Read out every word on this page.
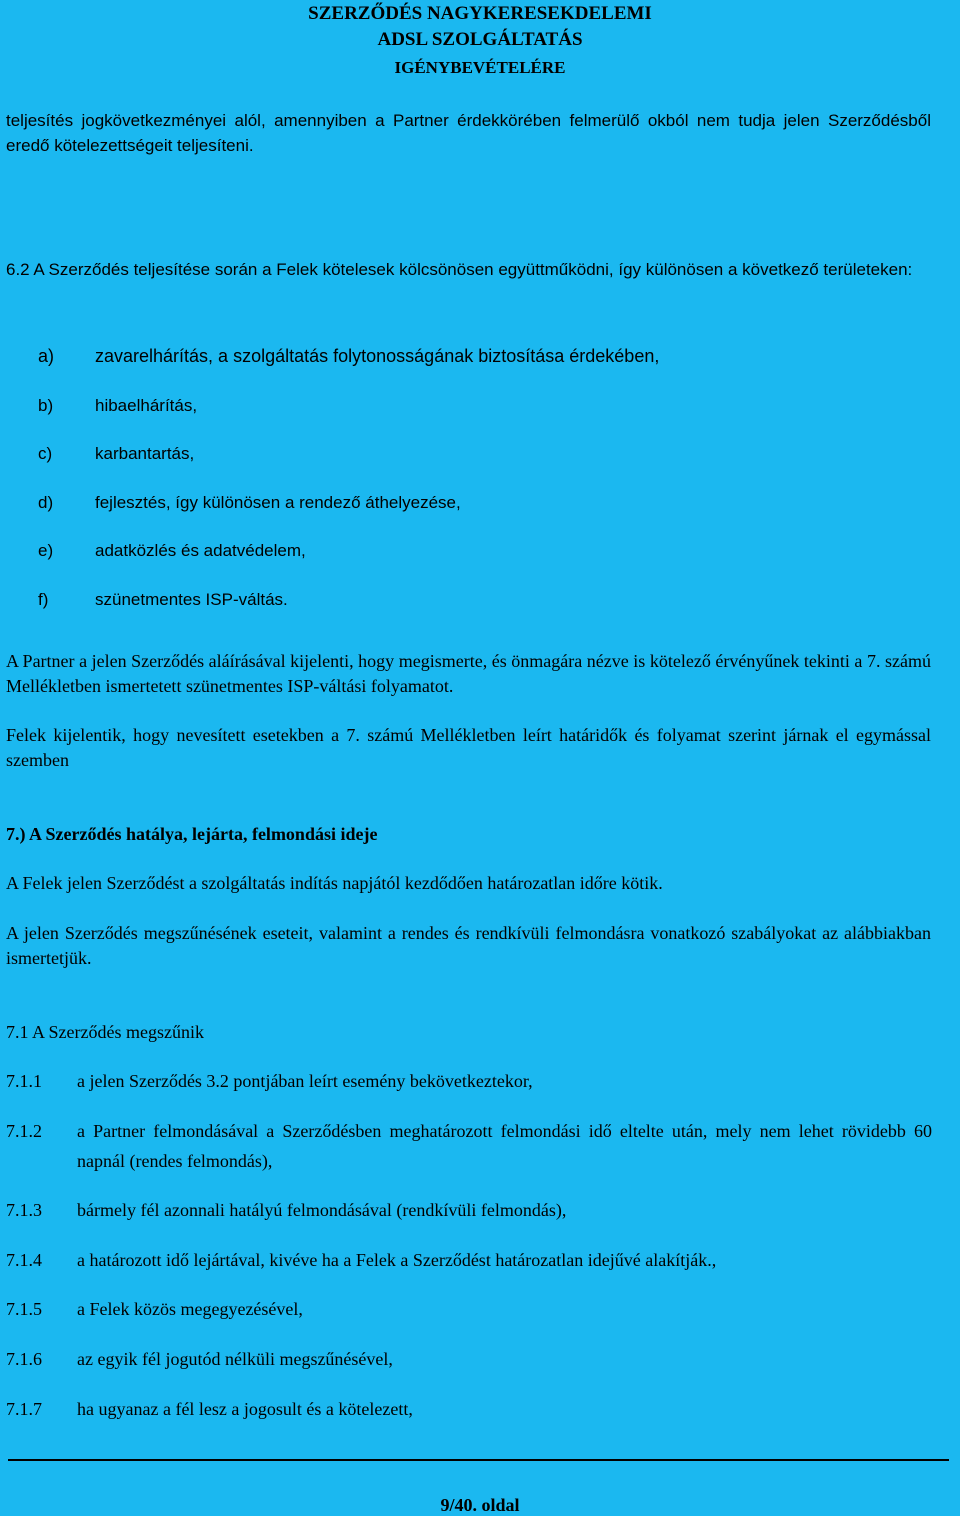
SZERZŐDÉS NAGYKERESEKDELEMI
ADSL SZOLGÁLTATÁS
IGÉNYBEVÉTELÉRE

teljesítés jogkövetkezményei alól, amennyiben a Partner érdekkörében felmerülő okból nem tudja jelen Szerződésből eredő kötelezettségeit teljesíteni.

6.2 A Szerződés teljesítése során a Felek kötelesek kölcsönösen együttműködni, így különösen a következő területeken:

a)	zavarelhárítás, a szolgáltatás folytonosságának biztosítása érdekében,
b)	hibaelhárítás,
c)	karbantartás,
d)	fejlesztés, így különösen a rendező áthelyezése,
e)	adatközlés és adatvédelem,
f)	szünetmentes ISP-váltás.

A Partner a jelen Szerződés aláírásával kijelenti, hogy megismerte, és önmagára nézve is kötelező érvényűnek tekinti a 7. számú Mellékletben ismertetett szünetmentes ISP-váltási folyamatot.

Felek kijelentik, hogy nevesített esetekben a 7. számú Mellékletben leírt határidők és folyamat szerint járnak el egymással szemben

7.) A Szerződés hatálya, lejárta, felmondási ideje

A Felek jelen Szerződést a szolgáltatás indítás napjától kezdődően határozatlan időre kötik.

A jelen Szerződés megszűnésének eseteit, valamint a rendes és rendkívüli felmondásra vonatkozó szabályokat az alábbiakban ismertetjük.

7.1 A Szerződés megszűnik

7.1.1	a jelen Szerződés 3.2 pontjában leírt esemény bekövetkeztekor,
7.1.2	a Partner felmondásával a Szerződésben meghatározott felmondási idő eltelte után, mely nem lehet rövidebb 60 napnál (rendes felmondás),
7.1.3	bármely fél azonnali hatályú felmondásával (rendkívüli felmondás),
7.1.4	a határozott idő lejártával, kivéve ha a Felek a Szerződést határozatlan idejűvé alakítják.,
7.1.5	a Felek közös megegyezésével,
7.1.6	az egyik fél jogutód nélküli megszűnésével,
7.1.7	ha ugyanaz a fél lesz a jogosult és a kötelezett,
9/40. oldal
